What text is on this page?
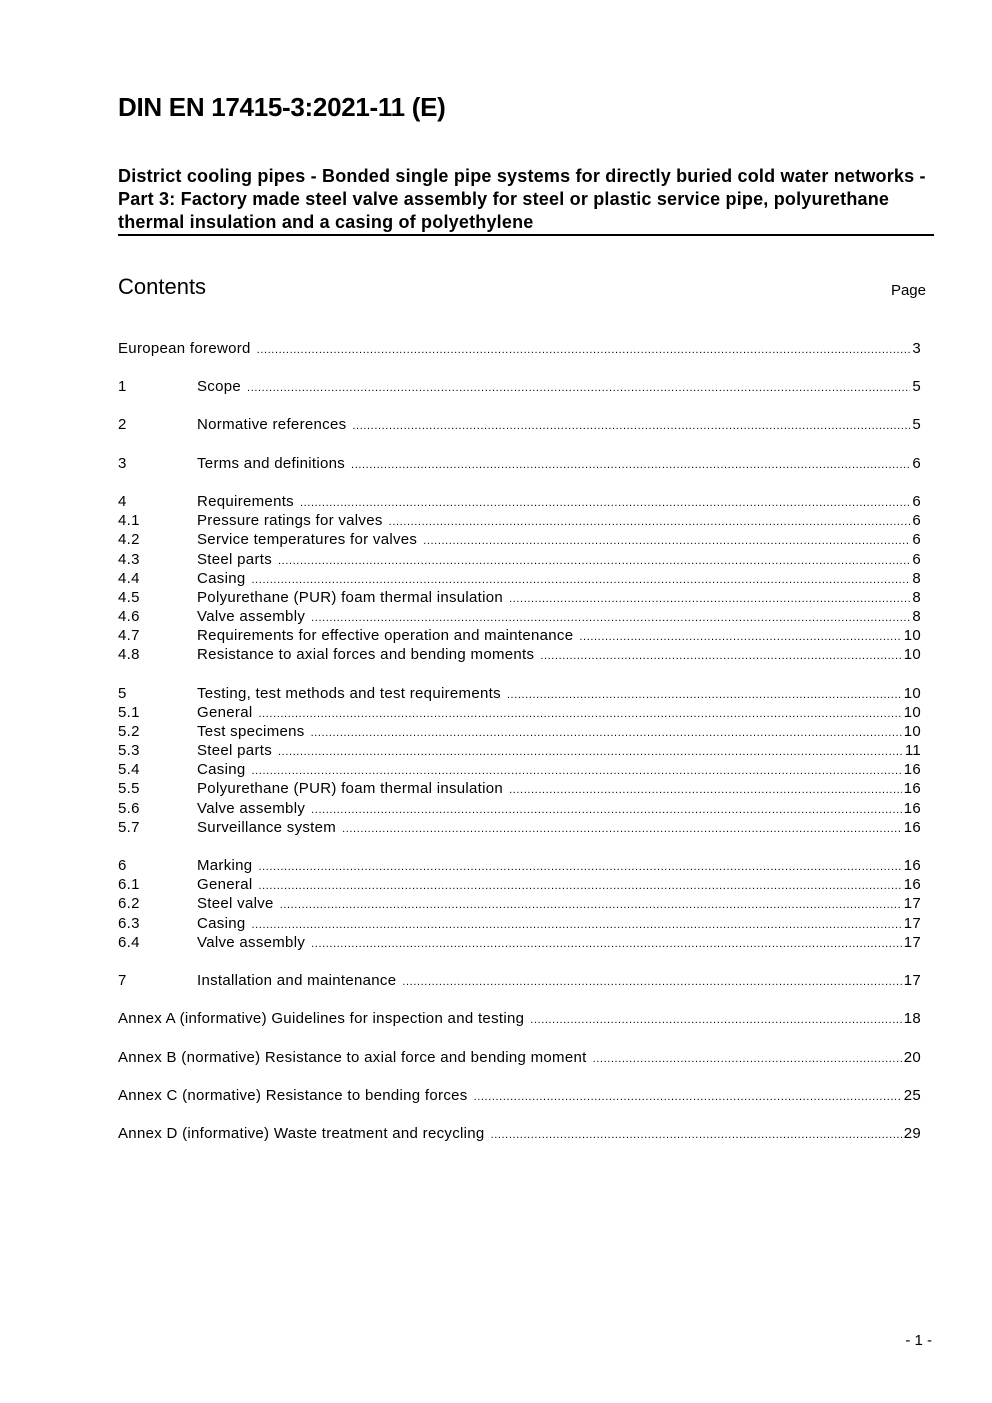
DIN EN 17415-3:2021-11 (E)
District cooling pipes - Bonded single pipe systems for directly buried cold water networks - Part 3: Factory made steel valve assembly for steel or plastic service pipe, polyurethane thermal insulation and a casing of polyethylene
Contents	Page
European foreword .....	3
1	Scope .....	5
2	Normative references .....	5
3	Terms and definitions .....	6
4	Requirements .....	6
4.1	Pressure ratings for valves .....	6
4.2	Service temperatures for valves .....	6
4.3	Steel parts .....	6
4.4	Casing .....	8
4.5	Polyurethane (PUR) foam thermal insulation .....	8
4.6	Valve assembly .....	8
4.7	Requirements for effective operation and maintenance .....	10
4.8	Resistance to axial forces and bending moments .....	10
5	Testing, test methods and test requirements .....	10
5.1	General .....	10
5.2	Test specimens .....	10
5.3	Steel parts .....	11
5.4	Casing .....	16
5.5	Polyurethane (PUR) foam thermal insulation .....	16
5.6	Valve assembly .....	16
5.7	Surveillance system .....	16
6	Marking .....	16
6.1	General .....	16
6.2	Steel valve .....	17
6.3	Casing .....	17
6.4	Valve assembly .....	17
7	Installation and maintenance .....	17
Annex A (informative) Guidelines for inspection and testing .....	18
Annex B (normative) Resistance to axial force and bending moment .....	20
Annex C (normative) Resistance to bending forces .....	25
Annex D (informative) Waste treatment and recycling .....	29
- 1 -
